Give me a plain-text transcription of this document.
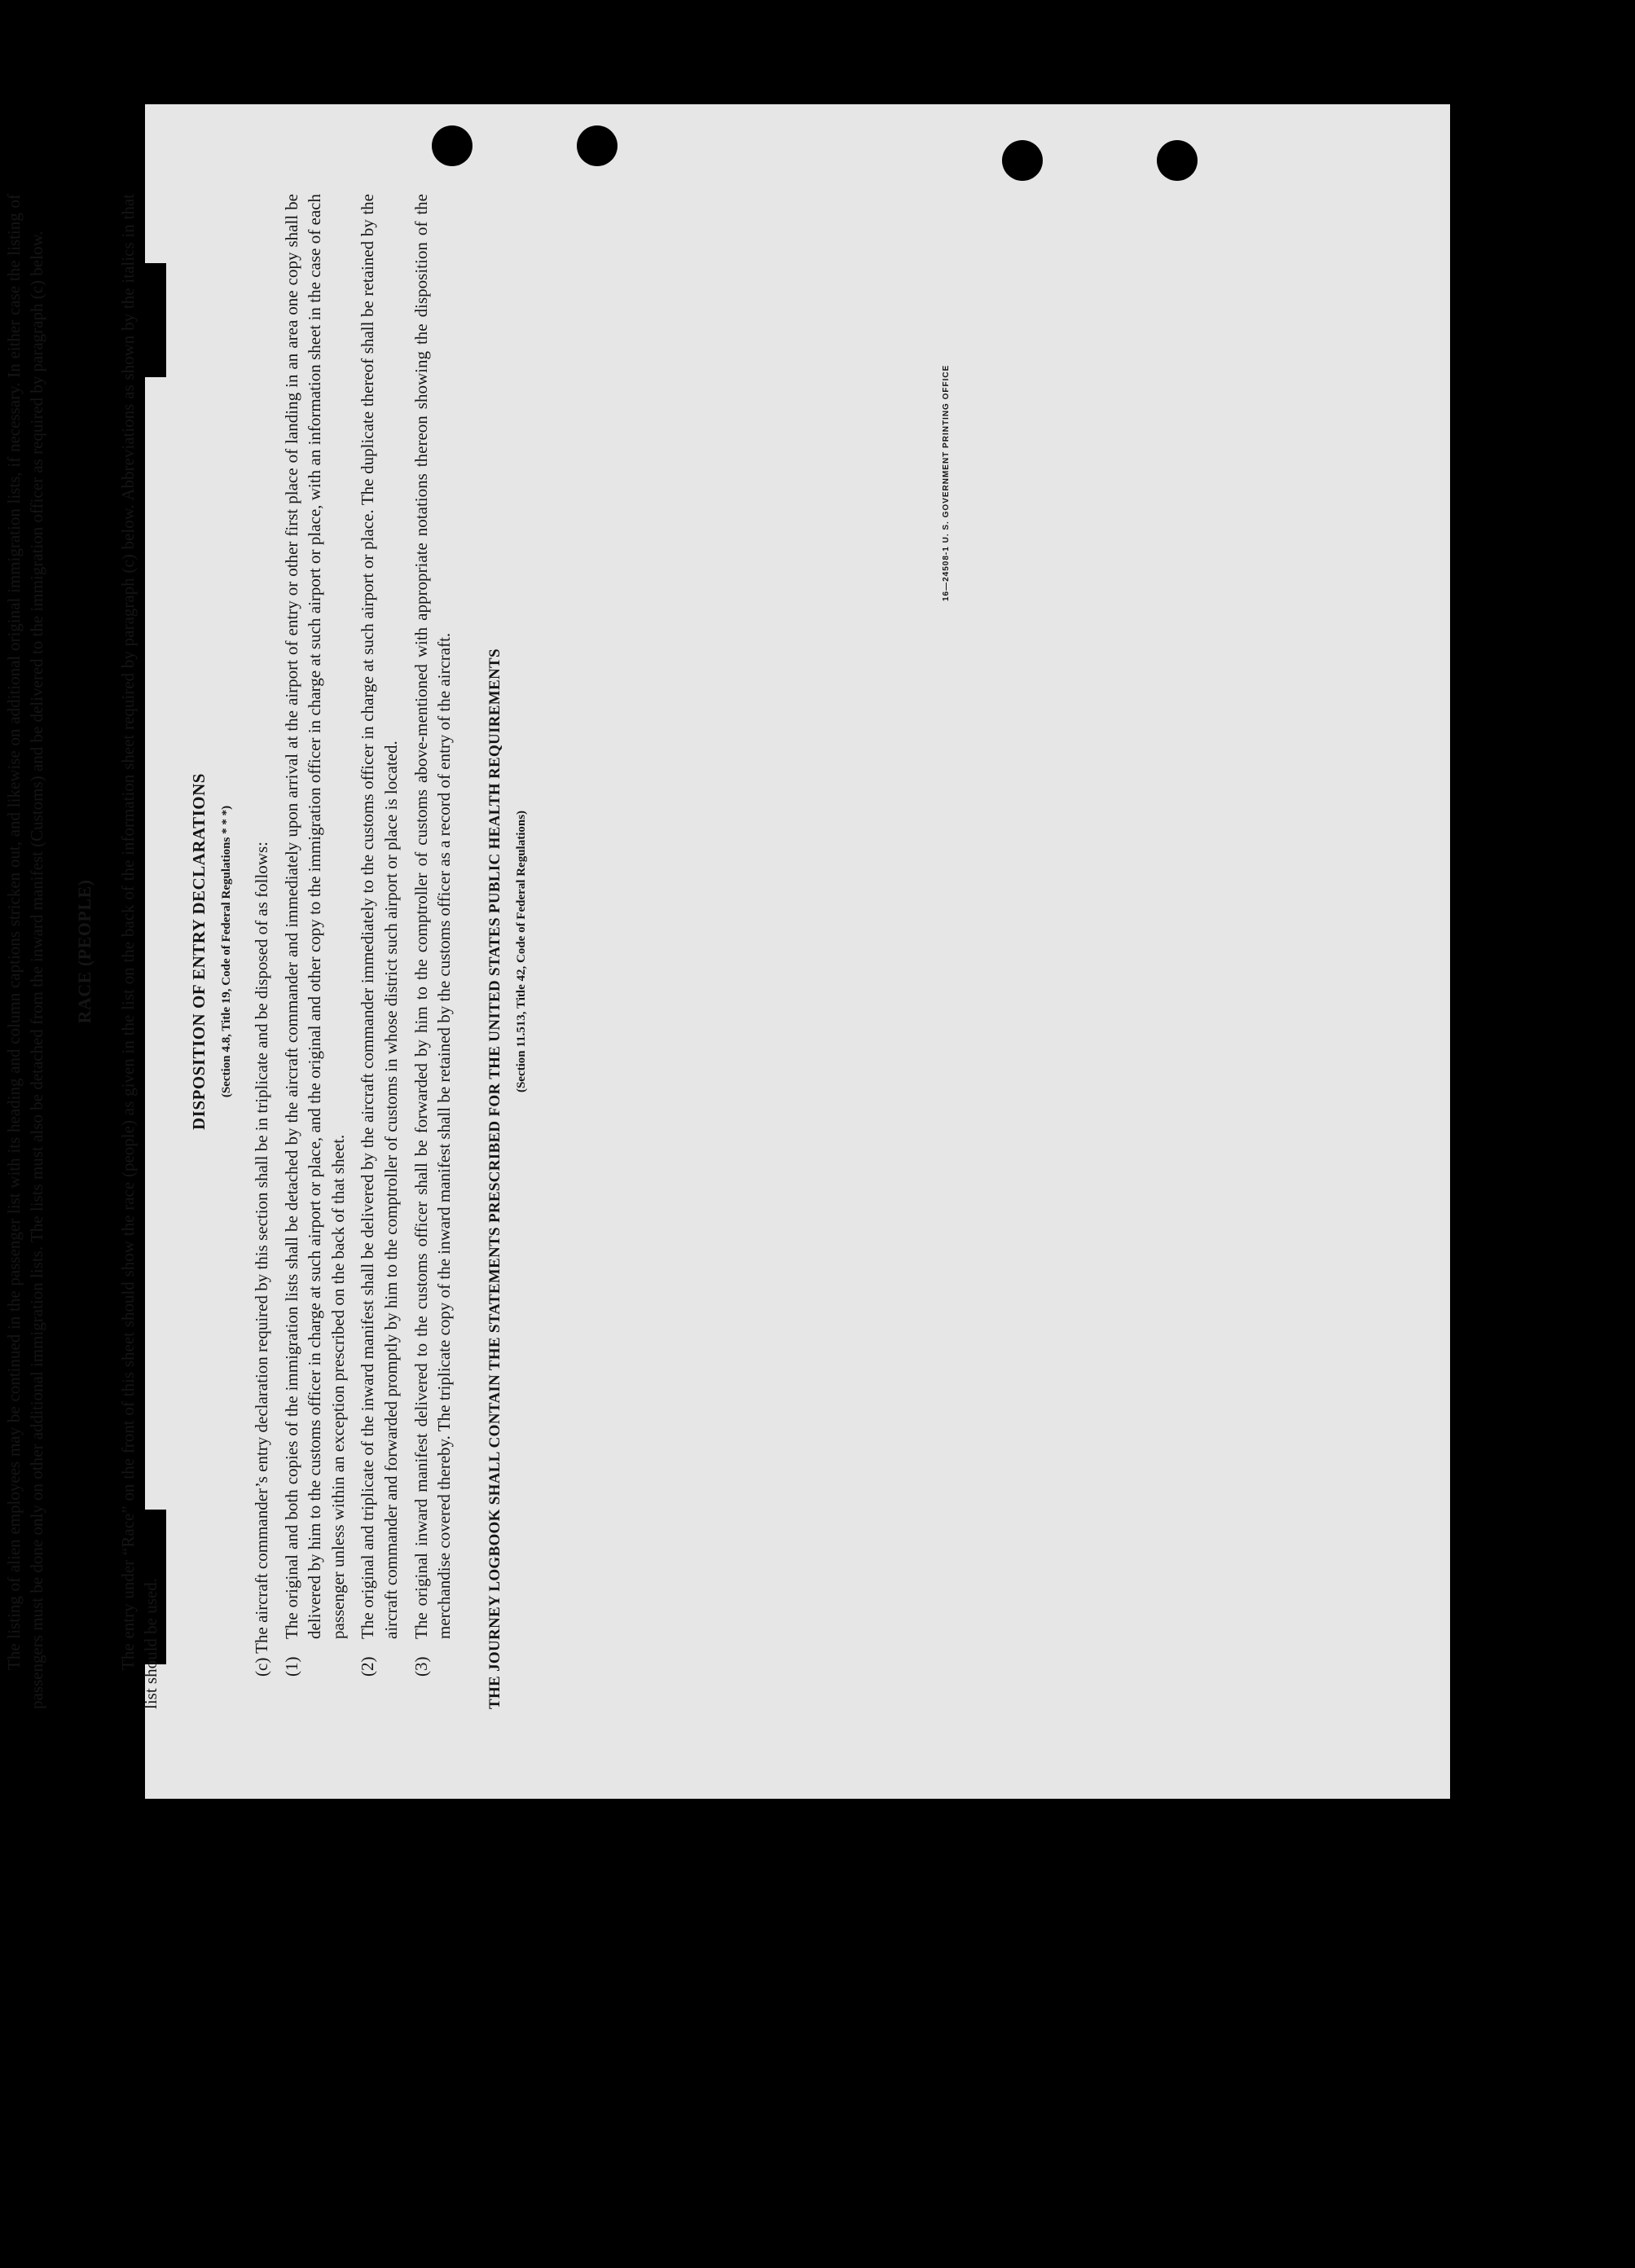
The listing of alien employees may be continued in the passenger list with its heading and column captions stricken out, and likewise on additional original immigration lists, if necessary. In either case the listing of passengers must be done only on other additional immigration lists. The lists must also be detached from the inward manifest (Customs) and be delivered to the immigration officer as required by paragraph (c) below. RACE (PEOPLE) The entry under “Race” on the front of this sheet should show the race (people) as given in the list on the back of the information sheet required by paragraph (c) below. Abbreviations as shown by the italics in that list should be used.

DISPOSITION OF ENTRY DECLARATIONS (Section 4.8, Title 19, Code of Federal Regulations * * *)	(c) The aircraft commander’s entry declaration required by this section shall be in triplicate and be disposed of as follows: (1)
The original and both copies of the immigration lists shall be detached by the aircraft commander and immediately upon arrival at the airport of entry or other first place of landing in an area one copy shall be delivered by him to the customs officer in charge at such airport or place, and the original and other copy to the immigration officer in charge at such airport or place, with an information sheet in the case of each passenger unless within an exception prescribed on the back of that sheet.
(2)
The original and triplicate of the inward manifest shall be delivered by the aircraft commander immediately to the customs officer in charge at such airport or place. The duplicate thereof shall be retained by the aircraft commander and forwarded promptly by him to the comptroller of customs in whose district such airport or place is located.
(3)
The original inward manifest delivered to the customs officer shall be forwarded by him to the comptroller of customs above-mentioned with appropriate notations thereon showing the disposition of the merchandise covered thereby. The triplicate copy of the inward manifest shall be retained by the customs officer as a record of entry of the aircraft. THE JOURNEY LOGBOOK SHALL CONTAIN THE STATEMENTS PRESCRIBED FOR THE UNITED STATES PUBLIC HEALTH REQUIREMENTS (Section 11.513, Title 42, Code of Federal Regulations)
16—24508-1 U. S. GOVERNMENT PRINTING OFFICE
